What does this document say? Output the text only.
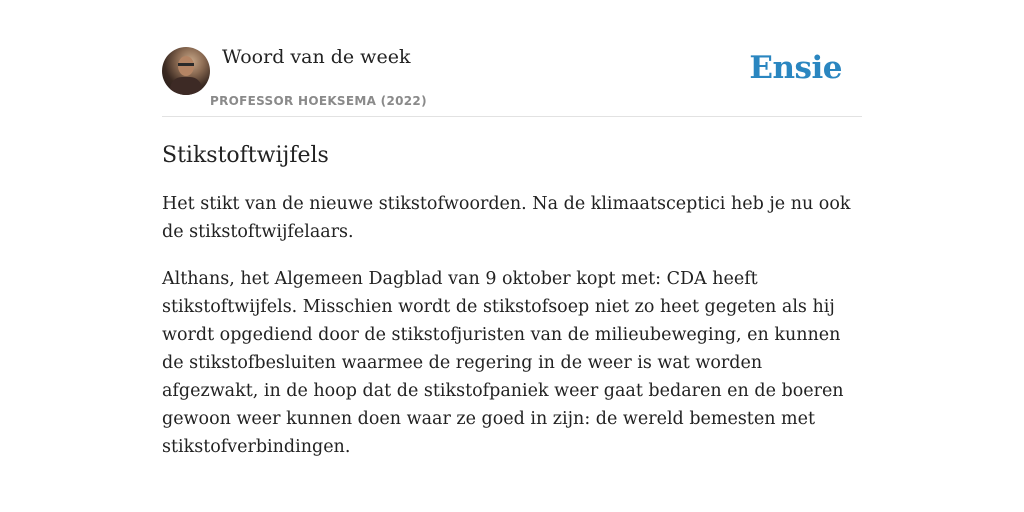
Woord van de week
PROFESSOR HOEKSEMA (2022)
Ensie
Stikstoftwijfels

Het stikt van de nieuwe stikstofwoorden. Na de klimaatsceptici heb je nu ook de stikstoftwijfelaars.

Althans, het Algemeen Dagblad van 9 oktober kopt met: CDA heeft stikstoftwijfels. Misschien wordt de stikstofsoep niet zo heet gegeten als hij wordt opgediend door de stikstofjuristen van de milieubeweging, en kunnen de stikstofbesluiten waarmee de regering in de weer is wat worden afgezwakt, in de hoop dat de stikstofpaniek weer gaat bedaren en de boeren gewoon weer kunnen doen waar ze goed in zijn: de wereld bemesten met stikstofverbindingen.
